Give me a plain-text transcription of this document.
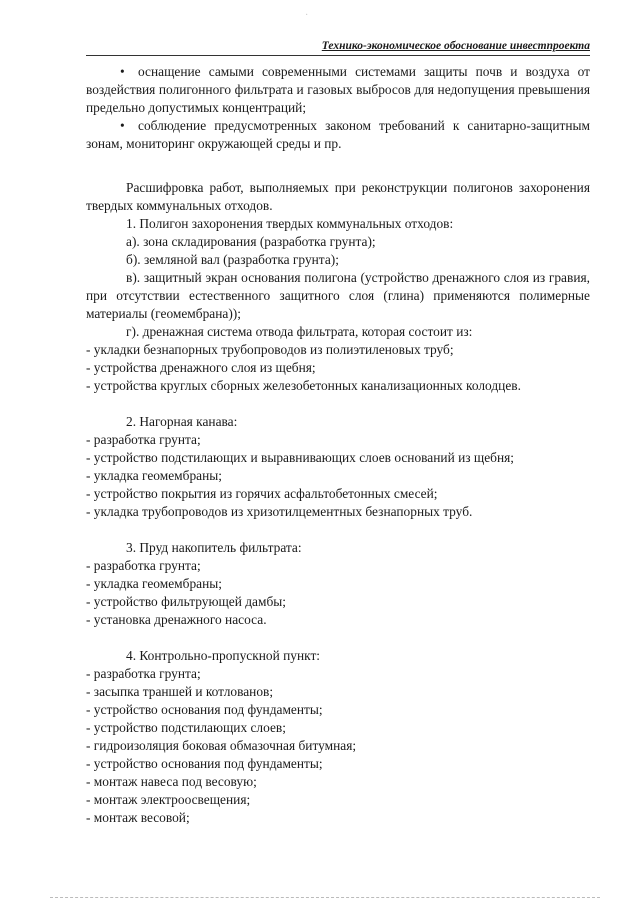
·
Технико-экономическое обоснование инвестпроекта

• оснащение самыми современными системами защиты почв и воздуха от воздействия полигонного фильтрата и газовых выбросов для недопущения превышения предельно допустимых концентраций;

• соблюдение предусмотренных законом требований к санитарно-защитным зонам, мониторинг окружающей среды и пр.

Расшифровка работ, выполняемых при реконструкции полигонов захоронения твердых коммунальных отходов.

1. Полигон захоронения твердых коммунальных отходов:

а). зона складирования (разработка грунта);

б). земляной вал (разработка грунта);

в). защитный экран основания полигона (устройство дренажного слоя из гравия, при отсутствии естественного защитного слоя (глина) применяются полимерные материалы (геомембрана));

г). дренажная система отвода фильтрата, которая состоит из:

- укладки безнапорных трубопроводов из полиэтиленовых труб;

- устройства дренажного слоя из щебня;

- устройства круглых сборных железобетонных канализационных колодцев.

2. Нагорная канава:

- разработка грунта;

- устройство подстилающих и выравнивающих слоев оснований из щебня;

- укладка геомембраны;

- устройство покрытия из горячих асфальтобетонных смесей;

- укладка трубопроводов из хризотилцементных безнапорных труб.

3. Пруд накопитель фильтрата:

- разработка грунта;

- укладка геомембраны;

- устройство фильтрующей дамбы;

- установка дренажного насоса.

4. Контрольно-пропускной пункт:

- разработка грунта;

- засыпка траншей и котлованов;

- устройство основания под фундаменты;

- устройство подстилающих слоев;

- гидроизоляция боковая обмазочная битумная;

- устройство основания под фундаменты;

- монтаж навеса под весовую;

- монтаж электроосвещения;

- монтаж весовой;
